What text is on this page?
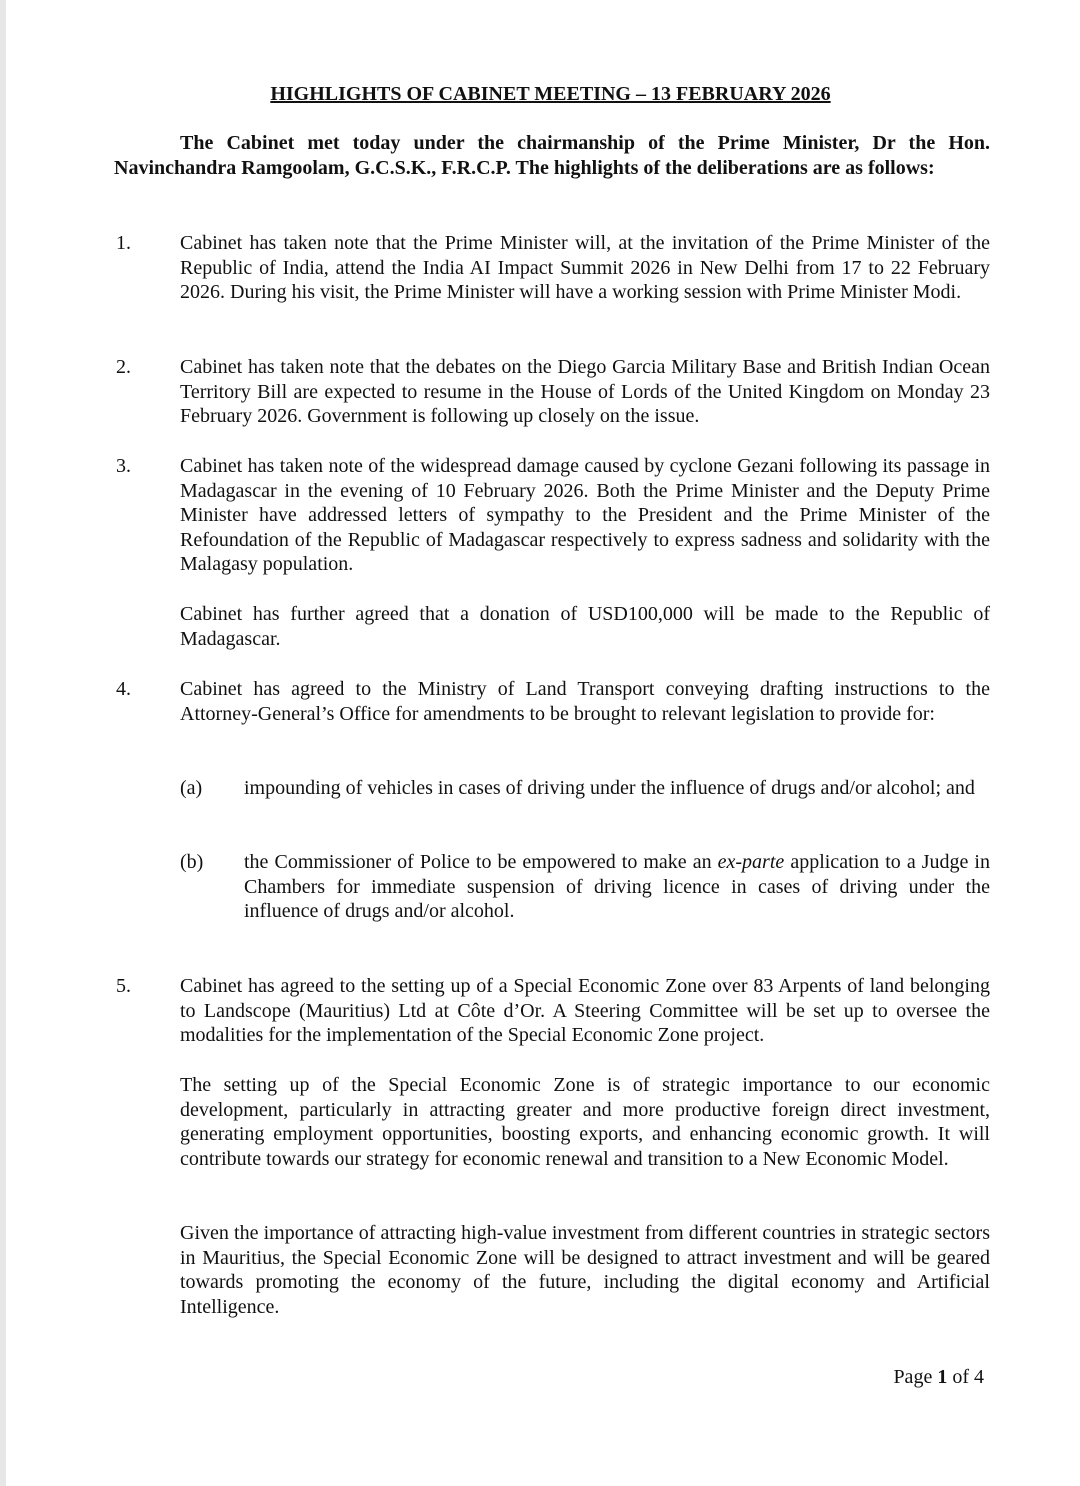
HIGHLIGHTS OF CABINET MEETING – 13 FEBRUARY 2026
The Cabinet met today under the chairmanship of the Prime Minister, Dr the Hon. Navinchandra Ramgoolam, G.C.S.K., F.R.C.P. The highlights of the deliberations are as follows:
1. Cabinet has taken note that the Prime Minister will, at the invitation of the Prime Minister of the Republic of India, attend the India AI Impact Summit 2026 in New Delhi from 17 to 22 February 2026. During his visit, the Prime Minister will have a working session with Prime Minister Modi.
2. Cabinet has taken note that the debates on the Diego Garcia Military Base and British Indian Ocean Territory Bill are expected to resume in the House of Lords of the United Kingdom on Monday 23 February 2026. Government is following up closely on the issue.
3. Cabinet has taken note of the widespread damage caused by cyclone Gezani following its passage in Madagascar in the evening of 10 February 2026. Both the Prime Minister and the Deputy Prime Minister have addressed letters of sympathy to the President and the Prime Minister of the Refoundation of the Republic of Madagascar respectively to express sadness and solidarity with the Malagasy population.
Cabinet has further agreed that a donation of USD100,000 will be made to the Republic of Madagascar.
4. Cabinet has agreed to the Ministry of Land Transport conveying drafting instructions to the Attorney-General’s Office for amendments to be brought to relevant legislation to provide for:
(a) impounding of vehicles in cases of driving under the influence of drugs and/or alcohol; and
(b) the Commissioner of Police to be empowered to make an ex-parte application to a Judge in Chambers for immediate suspension of driving licence in cases of driving under the influence of drugs and/or alcohol.
5. Cabinet has agreed to the setting up of a Special Economic Zone over 83 Arpents of land belonging to Landscope (Mauritius) Ltd at Côte d’Or. A Steering Committee will be set up to oversee the modalities for the implementation of the Special Economic Zone project.
The setting up of the Special Economic Zone is of strategic importance to our economic development, particularly in attracting greater and more productive foreign direct investment, generating employment opportunities, boosting exports, and enhancing economic growth. It will contribute towards our strategy for economic renewal and transition to a New Economic Model.
Given the importance of attracting high-value investment from different countries in strategic sectors in Mauritius, the Special Economic Zone will be designed to attract investment and will be geared towards promoting the economy of the future, including the digital economy and Artificial Intelligence.
Page 1 of 4
